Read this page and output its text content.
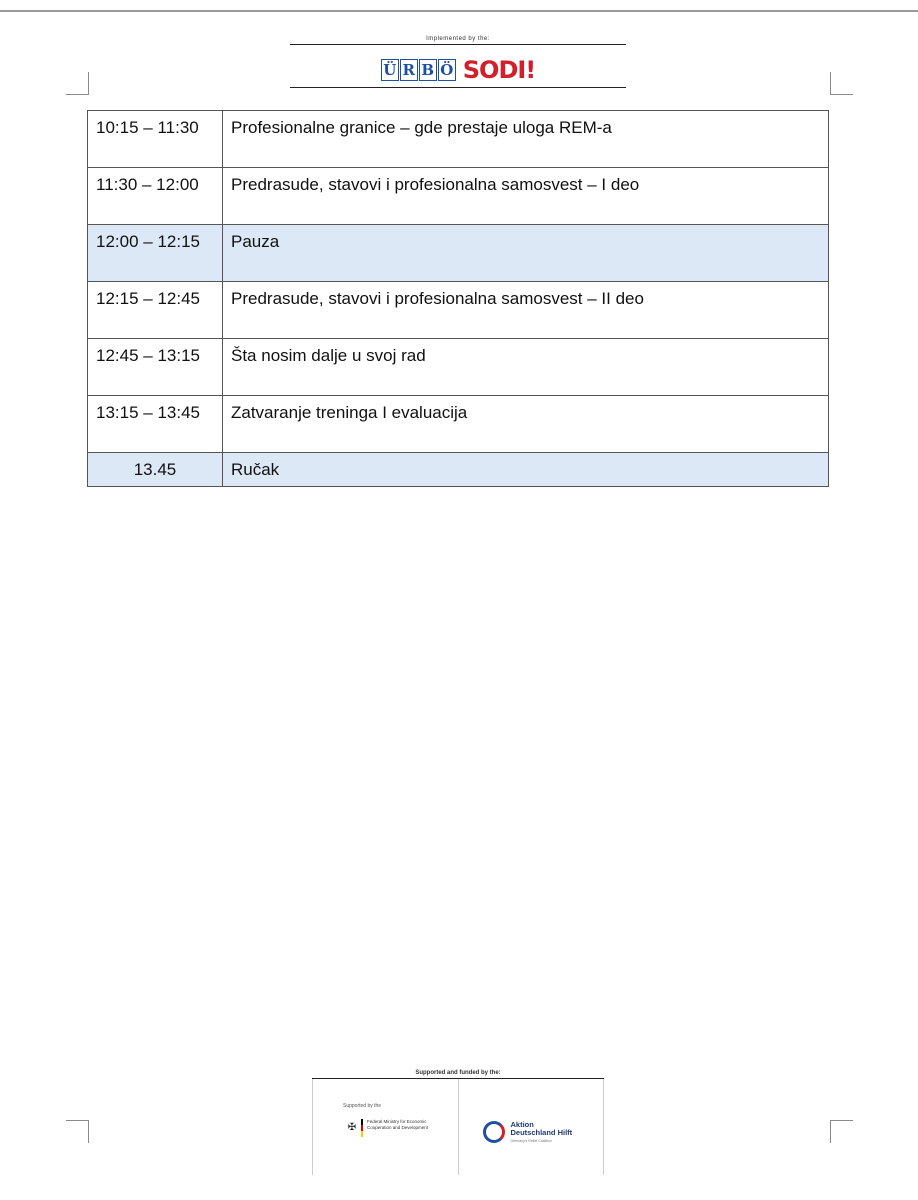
Implemented by the:
Ü R B Ö SODI!
10:15 – 11:30	Profesionalne granice – gde prestaje uloga REM-a
11:30 – 12:00	Predrasude, stavovi i profesionalna samosvest – I deo
12:00 – 12:15	Pauza
12:15 – 12:45	Predrasude, stavovi i profesionalna samosvest – II deo
12:45 – 13:15	Šta nosim dalje u svoj rad
13:15 – 13:45	Zatvaranje treninga I evaluacija
13.45	Ručak
Supported and funded by the:
Supported by the
✠
Federal Ministry for Economic Cooperation and Development	Aktion
Deutschland Hilft
Germany's Relief Coalition
